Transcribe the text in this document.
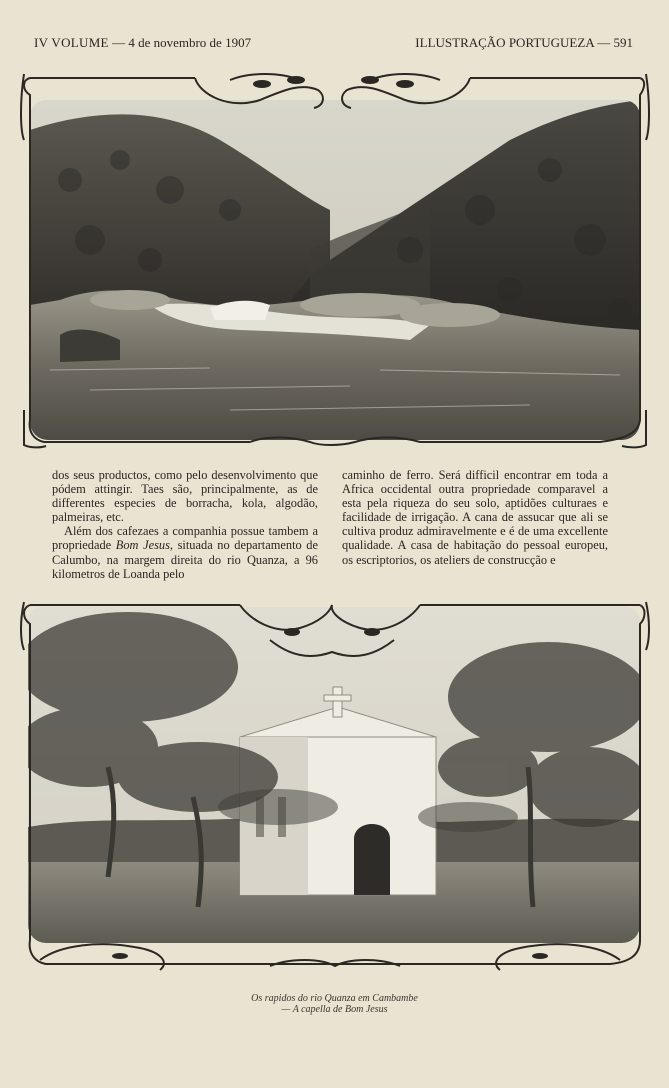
IV VOLUME — 4 de novembro de 1907	ILLUSTRAÇÃO PORTUGUEZA — 591

dos seus productos, como pelo desenvolvimento que pódem attingir. Taes são, principalmente, as de differentes especies de borracha, kola, algodão, palmeiras, etc.

Além dos cafezaes a companhia possue tambem a propriedade Bom Jesus, situada no departamento de Calumbo, na margem direita do rio Quanza, a 96 kilometros de Loanda pelo

caminho de ferro. Será difficil encontrar em toda a Africa occidental outra propriedade comparavel a esta pela riqueza do seu solo, aptidões culturaes e facilidade de irrigação. A cana de assucar que ali se cultiva produz admiravelmente e é de uma excellente qualidade. A casa de habitação do pessoal europeu, os escriptorios, os ateliers de construcção e

Os rapidos do rio Quanza em Cambambe
— A capella de Bom Jesus
